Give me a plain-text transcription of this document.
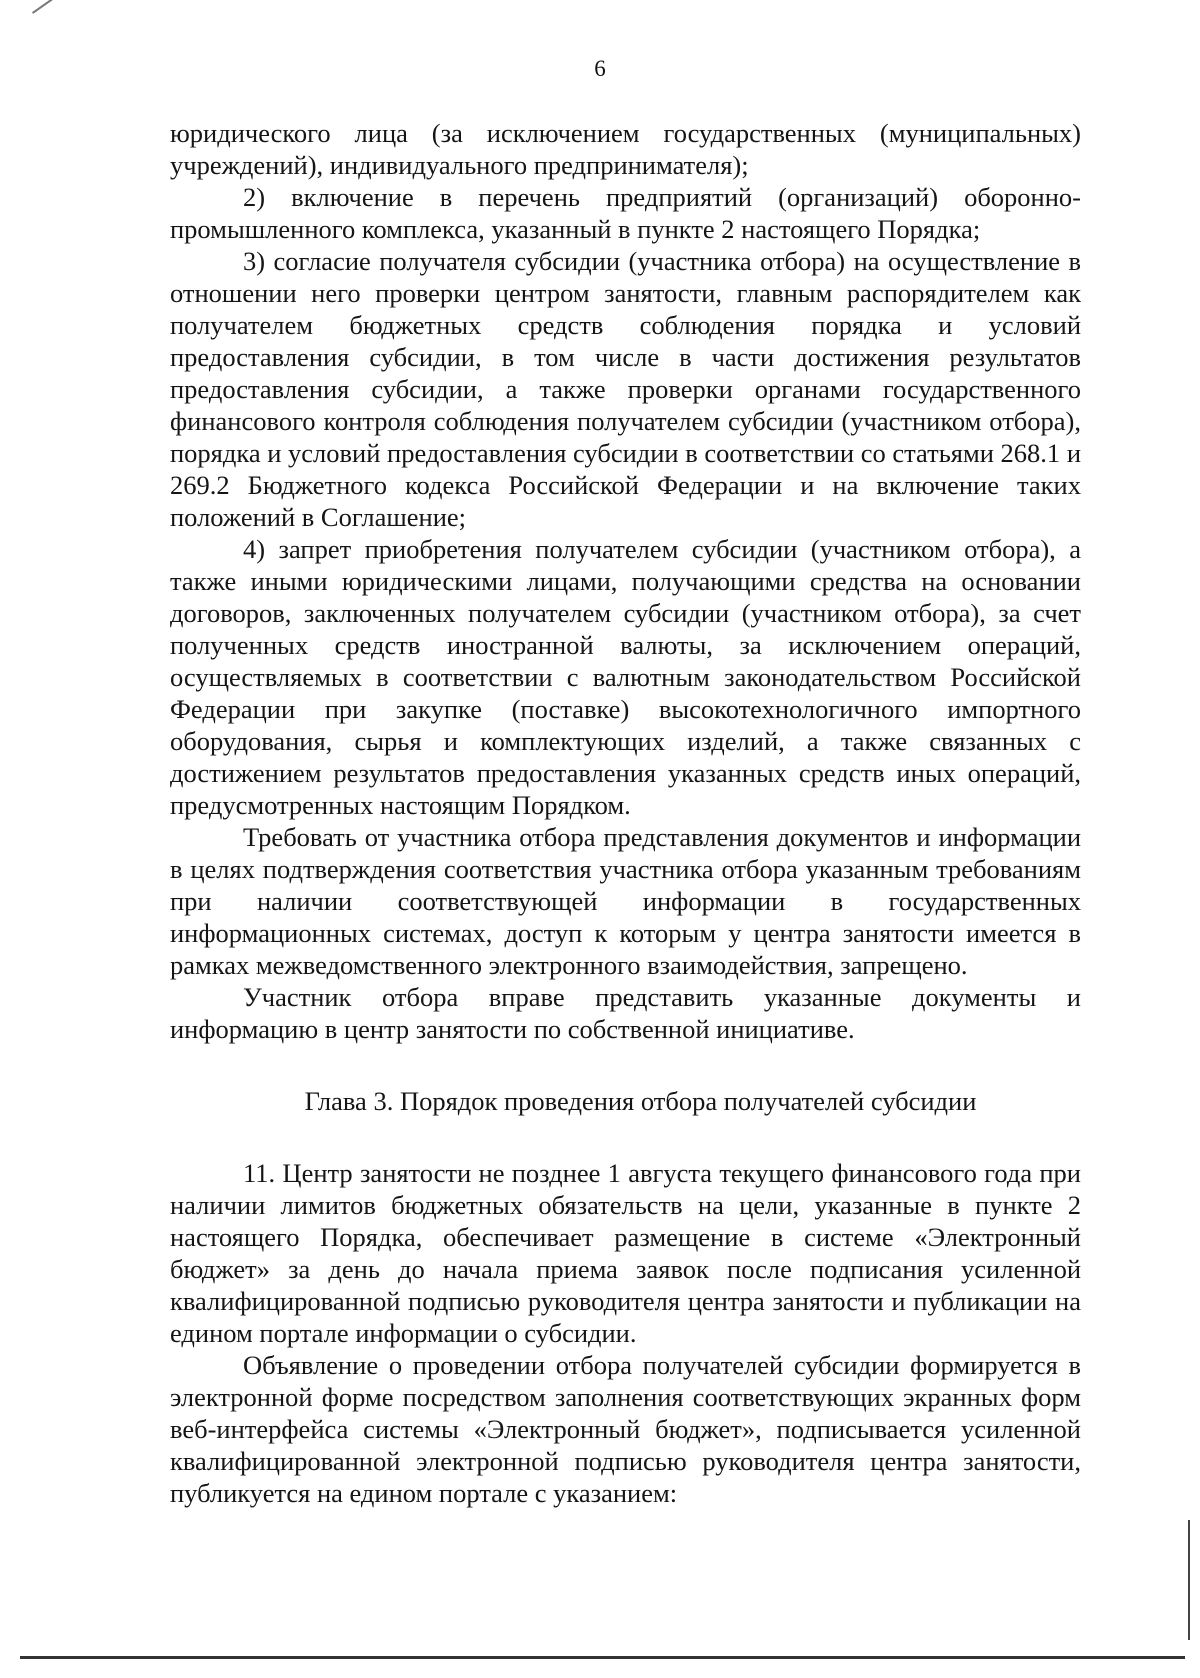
6

юридического лица (за исключением государственных (муниципальных) учреждений), индивидуального предпринимателя);

2) включение в перечень предприятий (организаций) оборонно-промышленного комплекса, указанный в пункте 2 настоящего Порядка;

3) согласие получателя субсидии (участника отбора) на осуществление в отношении него проверки центром занятости, главным распорядителем как получателем бюджетных средств соблюдения порядка и условий предоставления субсидии, в том числе в части достижения результатов предоставления субсидии, а также проверки органами государственного финансового контроля соблюдения получателем субсидии (участником отбора), порядка и условий предоставления субсидии в соответствии со статьями 268.1 и 269.2 Бюджетного кодекса Российской Федерации и на включение таких положений в Соглашение;

4) запрет приобретения получателем субсидии (участником отбора), а также иными юридическими лицами, получающими средства на основании договоров, заключенных получателем субсидии (участником отбора), за счет полученных средств иностранной валюты, за исключением операций, осуществляемых в соответствии с валютным законодательством Российской Федерации при закупке (поставке) высокотехнологичного импортного оборудования, сырья и комплектующих изделий, а также связанных с достижением результатов предоставления указанных средств иных операций, предусмотренных настоящим Порядком.

Требовать от участника отбора представления документов и информации в целях подтверждения соответствия участника отбора указанным требованиям при наличии соответствующей информации в государственных информационных системах, доступ к которым у центра занятости имеется в рамках межведомственного электронного взаимодействия, запрещено.

Участник отбора вправе представить указанные документы и информацию в центр занятости по собственной инициативе.

Глава 3. Порядок проведения отбора получателей субсидии

11. Центр занятости не позднее 1 августа текущего финансового года при наличии лимитов бюджетных обязательств на цели, указанные в пункте 2 настоящего Порядка, обеспечивает размещение в системе «Электронный бюджет» за день до начала приема заявок после подписания усиленной квалифицированной подписью руководителя центра занятости и публикации на едином портале информации о субсидии.

Объявление о проведении отбора получателей субсидии формируется в электронной форме посредством заполнения соответствующих экранных форм веб-интерфейса системы «Электронный бюджет», подписывается усиленной квалифицированной электронной подписью руководителя центра занятости, публикуется на едином портале с указанием:
